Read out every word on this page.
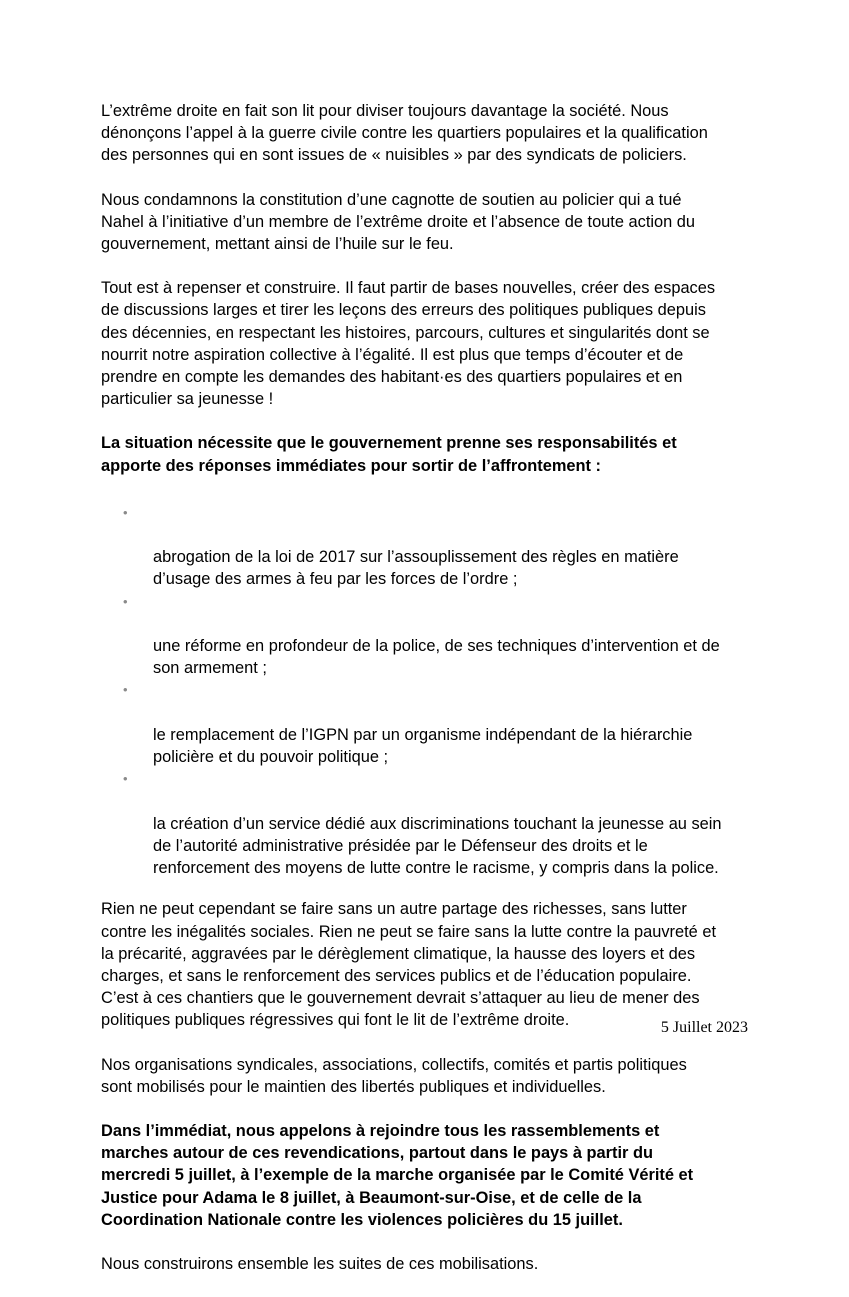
L’extrême droite en fait son lit pour diviser toujours davantage la société. Nous
dénonçons l’appel à la guerre civile contre les quartiers populaires et la qualification
des personnes qui en sont issues de « nuisibles » par des syndicats de policiers.

Nous condamnons la constitution d’une cagnotte de soutien au policier qui a tué
Nahel à l’initiative d’un membre de l’extrême droite et l’absence de toute action du
gouvernement, mettant ainsi de l’huile sur le feu.

Tout est à repenser et construire. Il faut partir de bases nouvelles, créer des espaces
de discussions larges et tirer les leçons des erreurs des politiques publiques depuis
des décennies, en respectant les histoires, parcours, cultures et singularités dont se
nourrit notre aspiration collective à l’égalité. Il est plus que temps d’écouter et de
prendre en compte les demandes des habitant·es des quartiers populaires et en
particulier sa jeunesse !

La situation nécessite que le gouvernement prenne ses responsabilités et
apporte des réponses immédiates pour sortir de l’affrontement :

•

abrogation de la loi de 2017 sur l’assouplissement des règles en matière
d’usage des armes à feu par les forces de l’ordre ;

•

une réforme en profondeur de la police, de ses techniques d’intervention et de
son armement ;

•

le remplacement de l’IGPN par un organisme indépendant de la hiérarchie
policière et du pouvoir politique ;

•

la création d’un service dédié aux discriminations touchant la jeunesse au sein
de l’autorité administrative présidée par le Défenseur des droits et le
renforcement des moyens de lutte contre le racisme, y compris dans la police.

Rien ne peut cependant se faire sans un autre partage des richesses, sans lutter
contre les inégalités sociales. Rien ne peut se faire sans la lutte contre la pauvreté et
la précarité, aggravées par le dérèglement climatique, la hausse des loyers et des
charges, et sans le renforcement des services publics et de l’éducation populaire.
C’est à ces chantiers que le gouvernement devrait s’attaquer au lieu de mener des
politiques publiques régressives qui font le lit de l’extrême droite.

Nos organisations syndicales, associations, collectifs, comités et partis politiques
sont mobilisés pour le maintien des libertés publiques et individuelles.

Dans l’immédiat, nous appelons à rejoindre tous les rassemblements et
marches autour de ces revendications, partout dans le pays à partir du
mercredi 5 juillet, à l’exemple de la marche organisée par le Comité Vérité et
Justice pour Adama le 8 juillet, à Beaumont-sur-Oise, et de celle de la
Coordination Nationale contre les violences policières du 15 juillet.

Nous construirons ensemble les suites de ces mobilisations.

5 Juillet 2023
